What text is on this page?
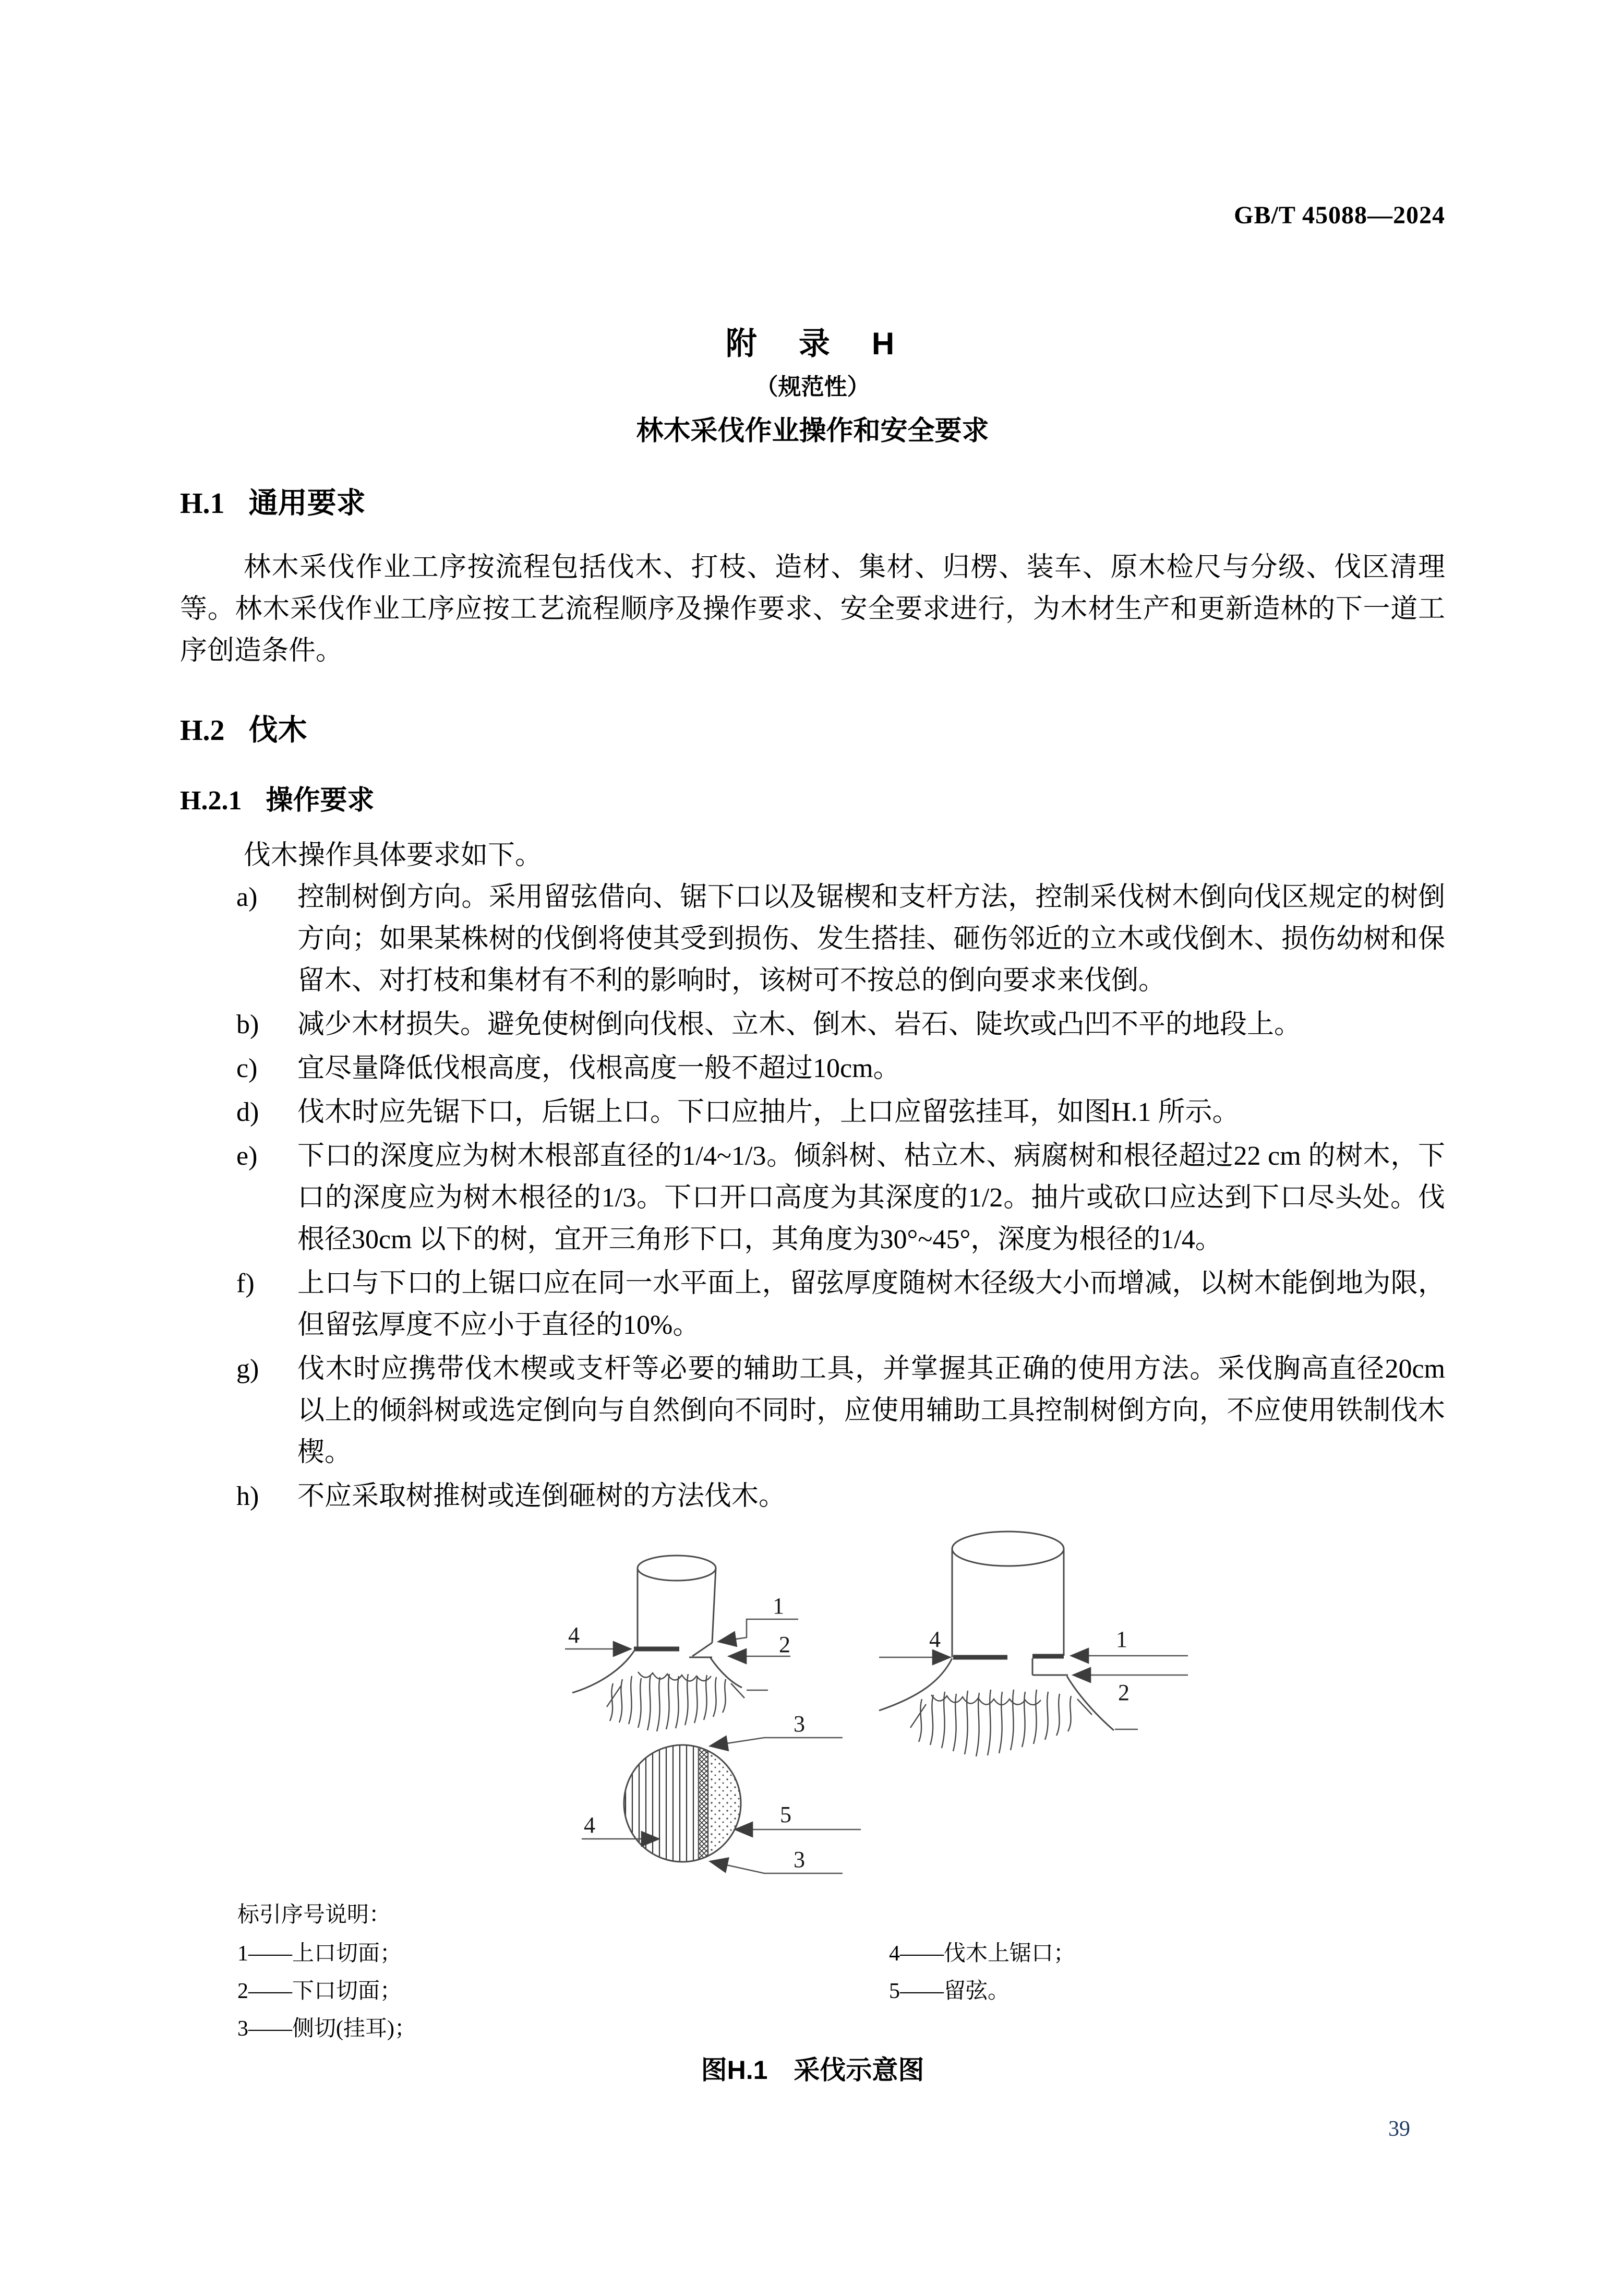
GB/T 45088—2024
附　录　H
（规范性）
林木采伐作业操作和安全要求
H.1 通用要求

林木采伐作业工序按流程包括伐木、打枝、造材、集材、归楞、装车、原木检尺与分级、伐区清理等。林木采伐作业工序应按工艺流程顺序及操作要求、安全要求进行，为木材生产和更新造林的下一道工序创造条件。

H.2 伐木
H.2.1 操作要求

伐木操作具体要求如下。

a)	控制树倒方向。采用留弦借向、锯下口以及锯楔和支杆方法，控制采伐树木倒向伐区规定的树倒方向；如果某株树的伐倒将使其受到损伤、发生搭挂、砸伤邻近的立木或伐倒木、损伤幼树和保留木、对打枝和集材有不利的影响时，该树可不按总的倒向要求来伐倒。
b)	减少木材损失。避免使树倒向伐根、立木、倒木、岩石、陡坎或凸凹不平的地段上。
c)	宜尽量降低伐根高度，伐根高度一般不超过10cm。
d)	伐木时应先锯下口，后锯上口。下口应抽片，上口应留弦挂耳，如图H.1 所示。
e)	下口的深度应为树木根部直径的1/4~1/3。倾斜树、枯立木、病腐树和根径超过22 cm 的树木，下口的深度应为树木根径的1/3。下口开口高度为其深度的1/2。抽片或砍口应达到下口尽头处。伐根径30cm 以下的树，宜开三角形下口，其角度为30°~45°，深度为根径的1/4。
f)	上口与下口的上锯口应在同一水平面上，留弦厚度随树木径级大小而增减，以树木能倒地为限，但留弦厚度不应小于直径的10%。
g)	伐木时应携带伐木楔或支杆等必要的辅助工具，并掌握其正确的使用方法。采伐胸高直径20cm 以上的倾斜树或选定倒向与自然倒向不同时，应使用辅助工具控制树倒方向，不应使用铁制伐木楔。
h)	不应采取树推树或连倒砸树的方法伐木。
4
1
2	4	1
2
3
3
5
4
标引序号说明：
1——上口切面；
2——下口切面；
3——侧切(挂耳)；
4——伐木上锯口；
5——留弦。
图H.1　采伐示意图
39
